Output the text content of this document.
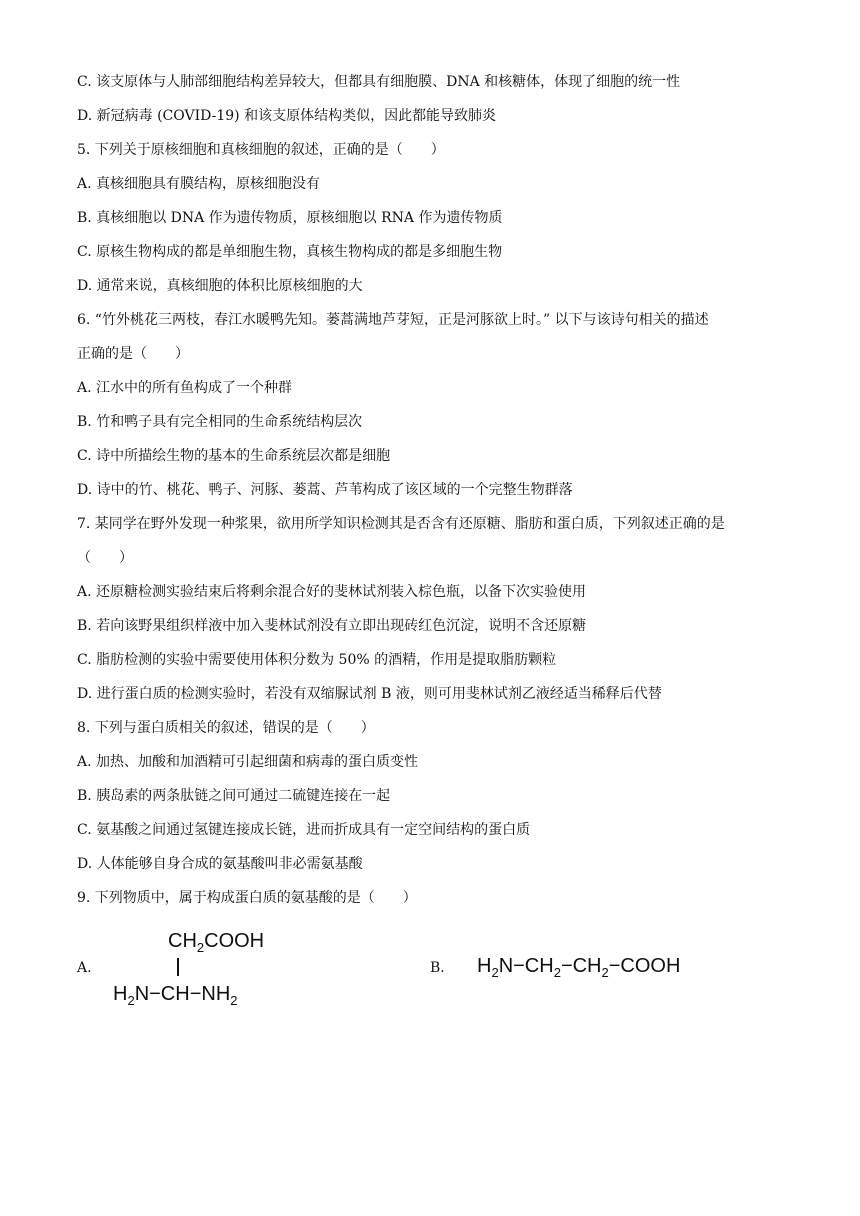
C. 该支原体与人肺部细胞结构差异较大，但都具有细胞膜、DNA 和核糖体，体现了细胞的统一性
D. 新冠病毒 (COVID-19) 和该支原体结构类似，因此都能导致肺炎
5. 下列关于原核细胞和真核细胞的叙述，正确的是（　　）
A. 真核细胞具有膜结构，原核细胞没有
B. 真核细胞以 DNA 作为遗传物质，原核细胞以 RNA 作为遗传物质
C. 原核生物构成的都是单细胞生物，真核生物构成的都是多细胞生物
D. 通常来说，真核细胞的体积比原核细胞的大
6. “竹外桃花三两枝，春江水暖鸭先知。蒌蒿满地芦芽短，正是河豚欲上时。” 以下与该诗句相关的描述
正确的是（　　）
A. 江水中的所有鱼构成了一个种群
B. 竹和鸭子具有完全相同的生命系统结构层次
C. 诗中所描绘生物的基本的生命系统层次都是细胞
D. 诗中的竹、桃花、鸭子、河豚、蒌蒿、芦苇构成了该区域的一个完整生物群落
7. 某同学在野外发现一种浆果，欲用所学知识检测其是否含有还原糖、脂肪和蛋白质，下列叙述正确的是
（　　）
A. 还原糖检测实验结束后将剩余混合好的斐林试剂装入棕色瓶，以备下次实验使用
B. 若向该野果组织样液中加入斐林试剂没有立即出现砖红色沉淀，说明不含还原糖
C. 脂肪检测的实验中需要使用体积分数为 50% 的酒精，作用是提取脂肪颗粒
D. 进行蛋白质的检测实验时，若没有双缩脲试剂 B 液，则可用斐林试剂乙液经适当稀释后代替
8. 下列与蛋白质相关的叙述，错误的是（　　）
A. 加热、加酸和加酒精可引起细菌和病毒的蛋白质变性
B. 胰岛素的两条肽链之间可通过二硫键连接在一起
C. 氨基酸之间通过氢键连接成长链，进而折成具有一定空间结构的蛋白质
D. 人体能够自身合成的氨基酸叫非必需氨基酸
9. 下列物质中，属于构成蛋白质的氨基酸的是（　　）
A.
$CH_2COOH$
$H_2N-CH-NH_2$
B. $H_2N-CH_2-CH_2-COOH$
